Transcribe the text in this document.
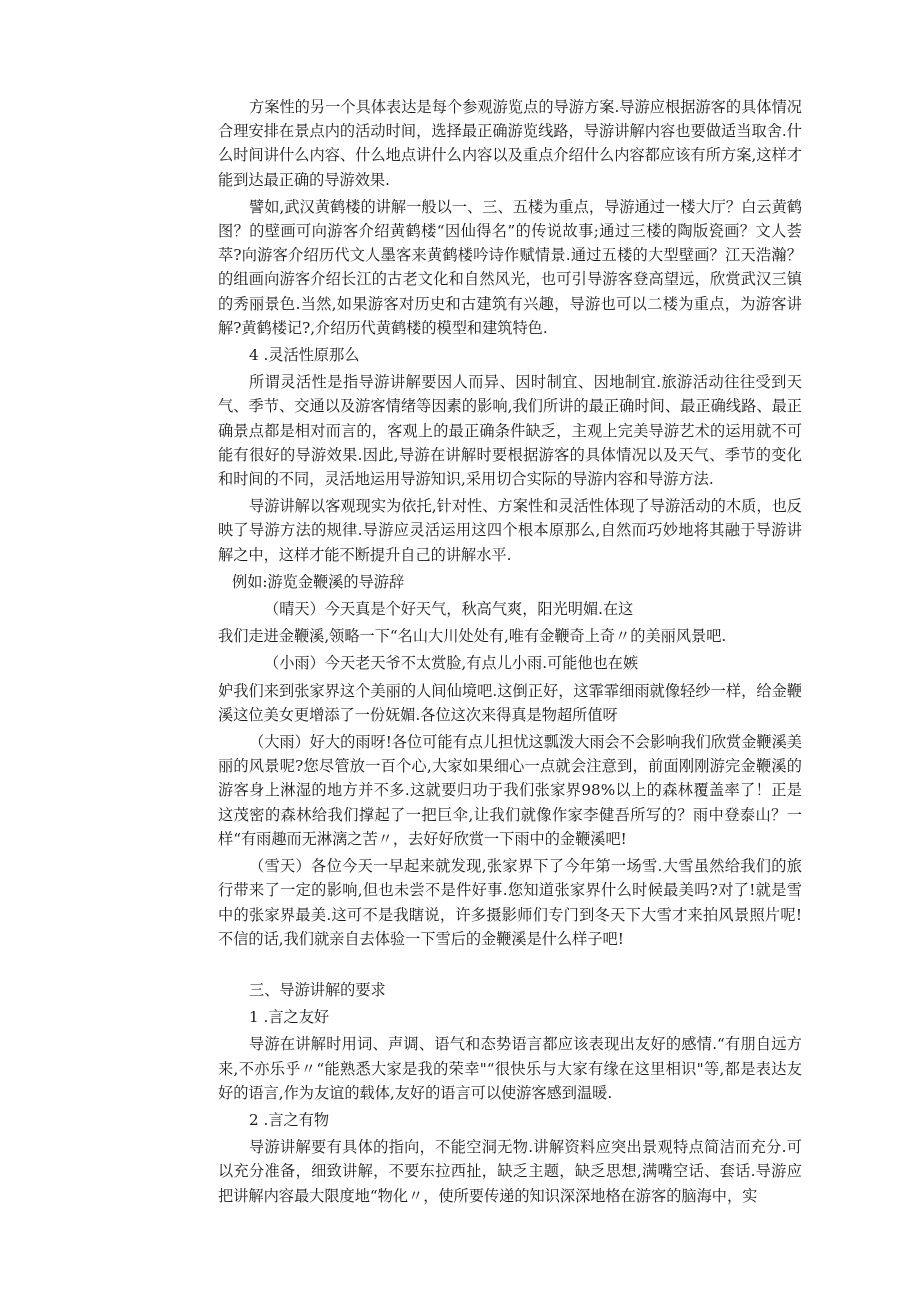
方案性的另一个具体表达是每个参观游览点的导游方案.导游应根据游客的具体情况合理安排在景点内的活动时间，选择最正确游览线路，导游讲解内容也要做适当取舍.什么时间讲什么内容、什么地点讲什么内容以及重点介绍什么内容都应该有所方案,这样才能到达最正确的导游效果.

譬如,武汉黄鹤楼的讲解一般以一、三、五楼为重点，导游通过一楼大厅？白云黄鹤图？的壁画可向游客介绍黄鹤楼“因仙得名”的传说故事;通过三楼的陶版瓷画？文人荟萃?向游客介绍历代文人墨客来黄鹤楼吟诗作赋情景.通过五楼的大型壁画？江天浩瀚？的组画向游客介绍长江的古老文化和自然风光，也可引导游客登高望远，欣赏武汉三镇的秀丽景色.当然,如果游客对历史和古建筑有兴趣，导游也可以二楼为重点，为游客讲解?黄鹤楼记?,介绍历代黄鹤楼的模型和建筑特色.

4 .灵活性原那么

所谓灵活性是指导游讲解要因人而异、因时制宜、因地制宜.旅游活动往往受到天气、季节、交通以及游客情绪等因素的影响,我们所讲的最正确时间、最正确线路、最正确景点都是相对而言的，客观上的最正确条件缺乏，主观上完美导游艺术的运用就不可能有很好的导游效果.因此,导游在讲解时要根据游客的具体情况以及天气、季节的变化和时间的不同，灵活地运用导游知识,采用切合实际的导游内容和导游方法.

导游讲解以客观现实为依托,针对性、方案性和灵活性体现了导游活动的木质，也反映了导游方法的规律.导游应灵活运用这四个根本原那么,自然而巧妙地将其融于导游讲解之中，这样才能不断提升自己的讲解水平.

例如:游览金鞭溪的导游辞
（晴天）今天真是个好天气，秋高气爽，阳光明媚.在这
我们走进金鞭溪,领略一下“名山大川处处有,唯有金鞭奇上奇〃的美丽风景吧.
（小雨）今天老天爷不太赏脸,有点儿小雨.可能他也在嫉

妒我们来到张家界这个美丽的人间仙境吧.这倒正好，这霏霏细雨就像轻纱一样，给金鞭溪这位美女更增添了一份妩媚.各位这次来得真是物超所值呀

（大雨）好大的雨呀!各位可能有点儿担忧这瓢泼大雨会不会影响我们欣赏金鞭溪美丽的风景呢?您尽管放一百个心,大家如果细心一点就会注意到，前面刚刚游完金鞭溪的游客身上淋湿的地方并不多.这就要归功于我们张家界98%以上的森林覆盖率了！正是这茂密的森林给我们撑起了一把巨伞,让我们就像作家李健吾所写的？雨中登泰山？一样“有雨趣而无淋漓之苦〃，去好好欣赏一下雨中的金鞭溪吧!

（雪天）各位今天一早起来就发现,张家界下了今年第一场雪.大雪虽然给我们的旅行带来了一定的影响,但也未尝不是件好事.您知道张家界什么时候最美吗?对了!就是雪中的张家界最美.这可不是我瞎说，许多摄影师们专门到冬天下大雪才来拍风景照片呢!不信的话,我们就亲自去体验一下雪后的金鞭溪是什么样子吧!

三、导游讲解的要求
1 .言之友好

导游在讲解时用词、声调、语气和态势语言都应该表现出友好的感情.“有朋自远方来,不亦乐乎〃“能熟悉大家是我的荣幸"“很快乐与大家有缘在这里相识"等,都是表达友好的语言,作为友谊的载体,友好的语言可以使游客感到温暖.

2 .言之有物

导游讲解要有具体的指向，不能空洞无物.讲解资料应突出景观特点简洁而充分.可以充分准备，细致讲解，不要东拉西扯，缺乏主题，缺乏思想,满嘴空话、套话.导游应把讲解内容最大限度地“物化〃，使所要传递的知识深深地格在游客的脑海中，实
